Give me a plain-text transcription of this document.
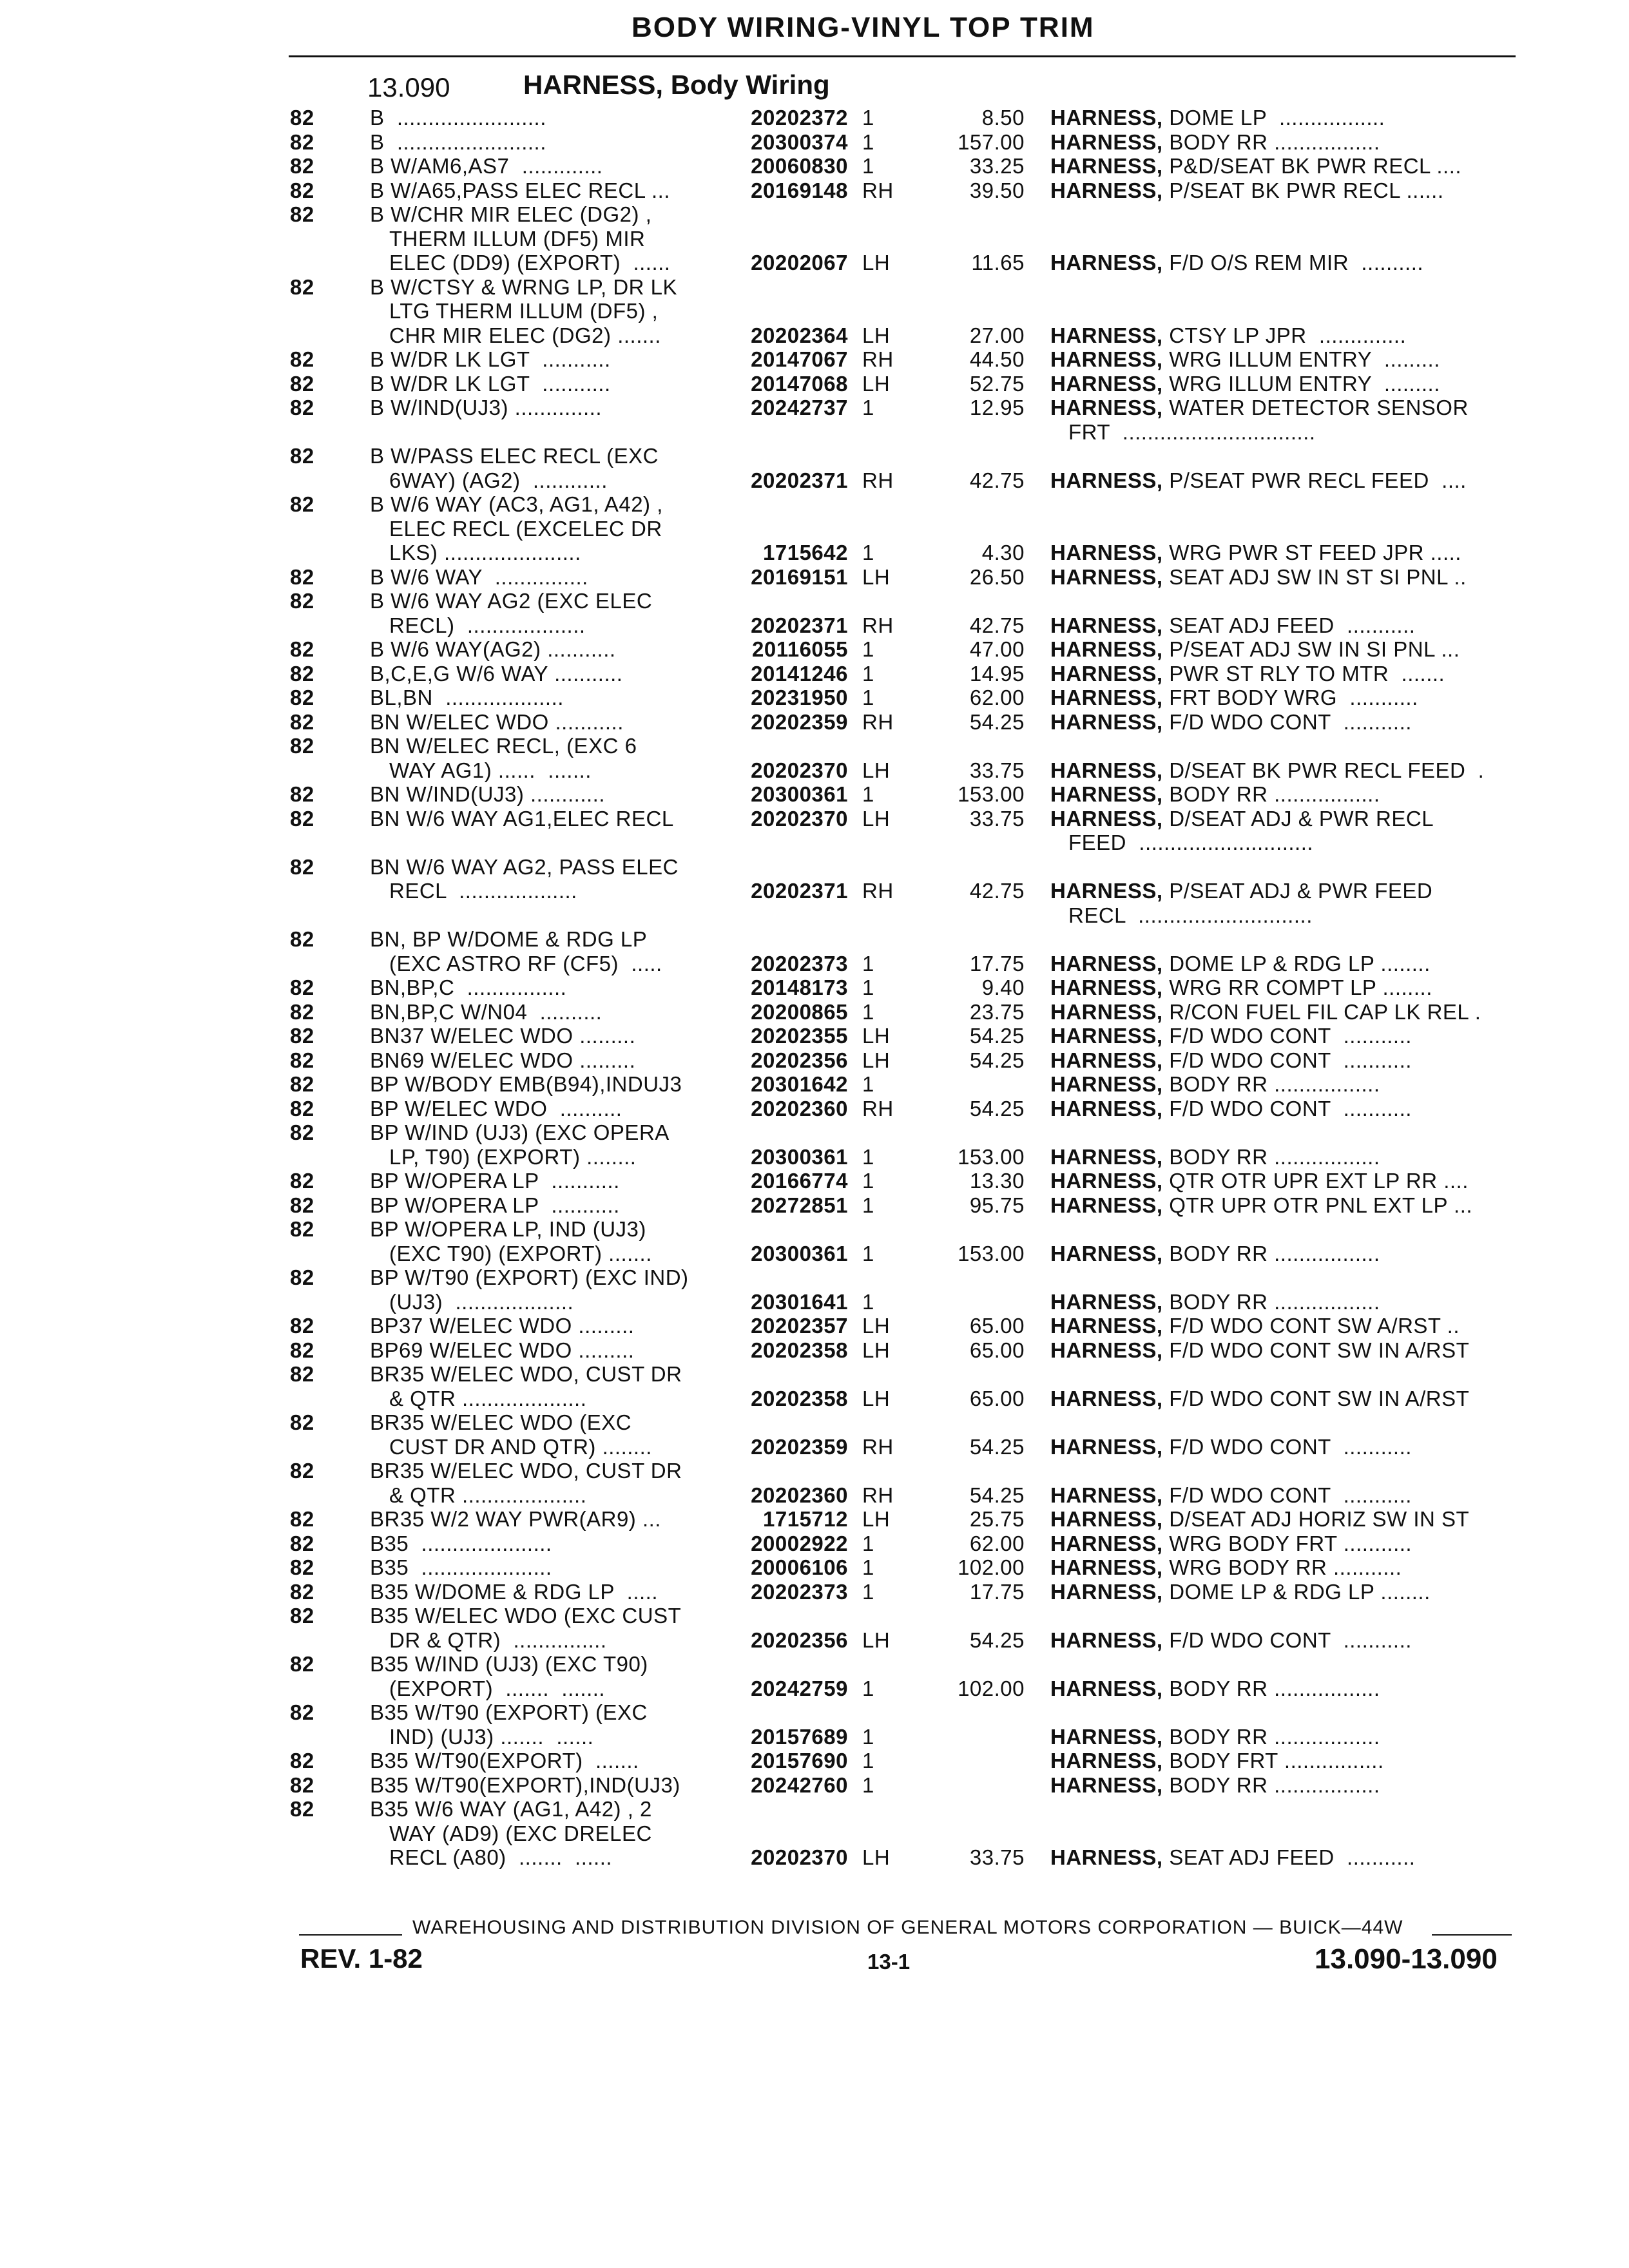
BODY WIRING-VINYL TOP TRIM
13.090	HARNESS, Body Wiring
82	B  ........................	20202372 1	8.50 HARNESS, DOME LP  .................
82	B  ........................	20300374 1	157.00 HARNESS, BODY RR .................
82	B W/AM6,AS7  .............	20060830 1	33.25 HARNESS, P&D/SEAT BK PWR RECL ....
82	B W/A65,PASS ELEC RECL ...	20169148 RH	39.50 HARNESS, P/SEAT BK PWR RECL ......
82	B W/CHR MIR ELEC (DG2) ,
THERM ILLUM (DF5) MIR
ELEC (DD9) (EXPORT)  ......	20202067 LH	11.65 HARNESS, F/D O/S REM MIR  ..........
82	B W/CTSY & WRNG LP, DR LK
LTG THERM ILLUM (DF5) ,
CHR MIR ELEC (DG2) .......	20202364 LH	27.00 HARNESS, CTSY LP JPR  ..............
82	B W/DR LK LGT  ...........	20147067 RH	44.50 HARNESS, WRG ILLUM ENTRY  .........
82	B W/DR LK LGT  ...........	20147068 LH	52.75 HARNESS, WRG ILLUM ENTRY  .........
82	B W/IND(UJ3) ..............	20242737 1	12.95 HARNESS, WATER DETECTOR SENSOR
FRT  ...............................
82	B W/PASS ELEC RECL (EXC
6WAY) (AG2)  ............	20202371 RH	42.75 HARNESS, P/SEAT PWR RECL FEED  ....
82	B W/6 WAY (AC3, AG1, A42) ,
ELEC RECL (EXCELEC DR
LKS) ......................	1715642 1	4.30 HARNESS, WRG PWR ST FEED JPR .....
82	B W/6 WAY  ...............	20169151 LH	26.50 HARNESS, SEAT ADJ SW IN ST SI PNL ..
82	B W/6 WAY AG2 (EXC ELEC
RECL)  ...................	20202371 RH	42.75 HARNESS, SEAT ADJ FEED  ...........
82	B W/6 WAY(AG2) ...........	20116055 1	47.00 HARNESS, P/SEAT ADJ SW IN SI PNL ...
82	B,C,E,G W/6 WAY ...........	20141246 1	14.95 HARNESS, PWR ST RLY TO MTR  .......
82	BL,BN  ...................	20231950 1	62.00 HARNESS, FRT BODY WRG  ...........
82	BN W/ELEC WDO ...........	20202359 RH	54.25 HARNESS, F/D WDO CONT  ...........
82	BN W/ELEC RECL, (EXC 6
WAY AG1) ......  .......	20202370 LH	33.75 HARNESS, D/SEAT BK PWR RECL FEED  .
82	BN W/IND(UJ3) ............	20300361 1	153.00 HARNESS, BODY RR .................
82	BN W/6 WAY AG1,ELEC RECL	20202370 LH	33.75 HARNESS, D/SEAT ADJ & PWR RECL
FEED  ............................
82	BN W/6 WAY AG2, PASS ELEC
RECL  ...................	20202371 RH	42.75 HARNESS, P/SEAT ADJ & PWR FEED
RECL  ............................
82	BN, BP W/DOME & RDG LP
(EXC ASTRO RF (CF5)  .....	20202373 1	17.75 HARNESS, DOME LP & RDG LP ........
82	BN,BP,C  ................	20148173 1	9.40 HARNESS, WRG RR COMPT LP ........
82	BN,BP,C W/N04  ..........	20200865 1	23.75 HARNESS, R/CON FUEL FIL CAP LK REL .
82	BN37 W/ELEC WDO .........	20202355 LH	54.25 HARNESS, F/D WDO CONT  ...........
82	BN69 W/ELEC WDO .........	20202356 LH	54.25 HARNESS, F/D WDO CONT  ...........
82	BP W/BODY EMB(B94),INDUJ3	20301642 1	HARNESS, BODY RR .................
82	BP W/ELEC WDO  ..........	20202360 RH	54.25 HARNESS, F/D WDO CONT  ...........
82	BP W/IND (UJ3) (EXC OPERA
LP, T90) (EXPORT) ........	20300361 1	153.00 HARNESS, BODY RR .................
82	BP W/OPERA LP  ...........	20166774 1	13.30 HARNESS, QTR OTR UPR EXT LP RR ....
82	BP W/OPERA LP  ...........	20272851 1	95.75 HARNESS, QTR UPR OTR PNL EXT LP ...
82	BP W/OPERA LP, IND (UJ3)
(EXC T90) (EXPORT) .......	20300361 1	153.00 HARNESS, BODY RR .................
82	BP W/T90 (EXPORT) (EXC IND)
(UJ3)  ...................	20301641 1	HARNESS, BODY RR .................
82	BP37 W/ELEC WDO .........	20202357 LH	65.00 HARNESS, F/D WDO CONT SW A/RST ..
82	BP69 W/ELEC WDO .........	20202358 LH	65.00 HARNESS, F/D WDO CONT SW IN A/RST
82	BR35 W/ELEC WDO, CUST DR
& QTR ....................	20202358 LH	65.00 HARNESS, F/D WDO CONT SW IN A/RST
82	BR35 W/ELEC WDO (EXC
CUST DR AND QTR) ........	20202359 RH	54.25 HARNESS, F/D WDO CONT  ...........
82	BR35 W/ELEC WDO, CUST DR
& QTR ....................	20202360 RH	54.25 HARNESS, F/D WDO CONT  ...........
82	BR35 W/2 WAY PWR(AR9) ...	1715712 LH	25.75 HARNESS, D/SEAT ADJ HORIZ SW IN ST
82	B35  .....................	20002922 1	62.00 HARNESS, WRG BODY FRT ...........
82	B35  .....................	20006106 1	102.00 HARNESS, WRG BODY RR ...........
82	B35 W/DOME & RDG LP  .....	20202373 1	17.75 HARNESS, DOME LP & RDG LP ........
82	B35 W/ELEC WDO (EXC CUST
DR & QTR)  ...............	20202356 LH	54.25 HARNESS, F/D WDO CONT  ...........
82	B35 W/IND (UJ3) (EXC T90)
(EXPORT)  .......  .......	20242759 1	102.00 HARNESS, BODY RR .................
82	B35 W/T90 (EXPORT) (EXC
IND) (UJ3) .......  ......	20157689 1	HARNESS, BODY RR .................
82	B35 W/T90(EXPORT)  .......	20157690 1	HARNESS, BODY FRT ................
82	B35 W/T90(EXPORT),IND(UJ3)	20242760 1	HARNESS, BODY RR .................
82	B35 W/6 WAY (AG1, A42) , 2
WAY (AD9) (EXC DRELEC
RECL (A80)  .......  ......	20202370 LH	33.75 HARNESS, SEAT ADJ FEED  ...........
WAREHOUSING AND DISTRIBUTION DIVISION OF GENERAL MOTORS CORPORATION — BUICK—44W
REV. 1-82	13-1	13.090-13.090
